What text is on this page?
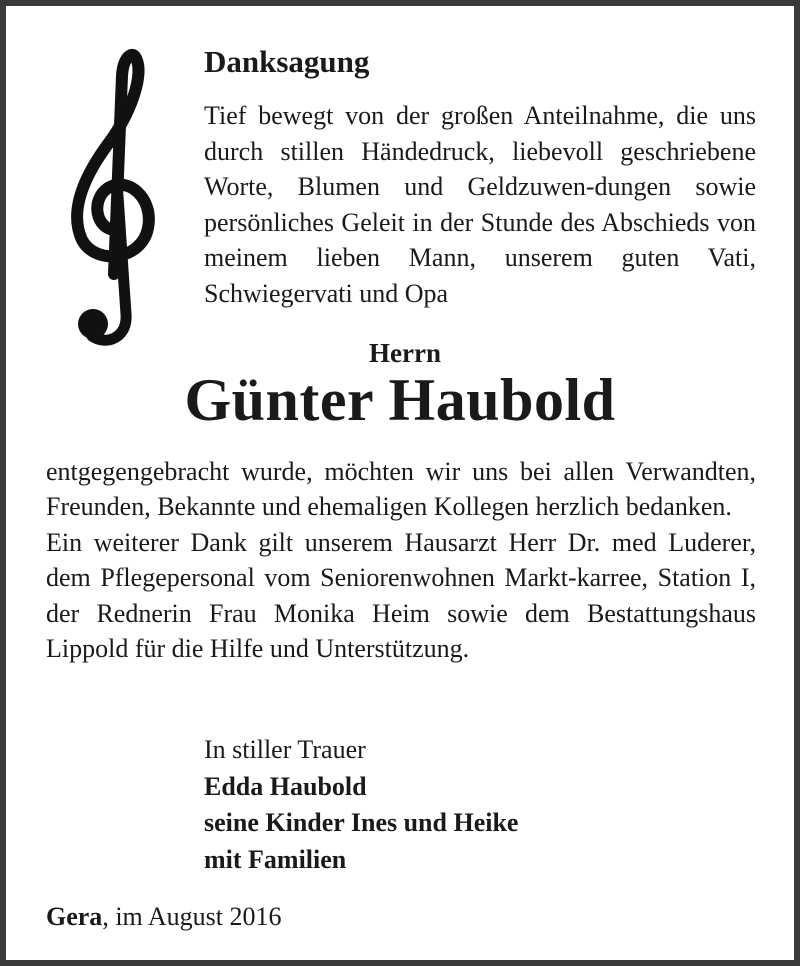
Danksagung
Tief bewegt von der großen Anteilnahme, die uns durch stillen Händedruck, liebevoll geschriebene Worte, Blumen und Geldzuwen-dungen sowie persönliches Geleit in der Stunde des Abschieds von meinem lieben Mann, unserem guten Vati, Schwiegervati und Opa
Herrn
Günter Haubold

entgegengebracht wurde, möchten wir uns bei allen Verwandten, Freunden, Bekannte und ehemaligen Kollegen herzlich bedanken.

Ein weiterer Dank gilt unserem Hausarzt Herr Dr. med Luderer, dem Pflegepersonal vom Seniorenwohnen Markt-karree, Station I, der Rednerin Frau Monika Heim sowie dem Bestattungshaus Lippold für die Hilfe und Unterstützung.

In stiller Trauer
Edda Haubold
seine Kinder Ines und Heike
mit Familien
Gera, im August 2016
